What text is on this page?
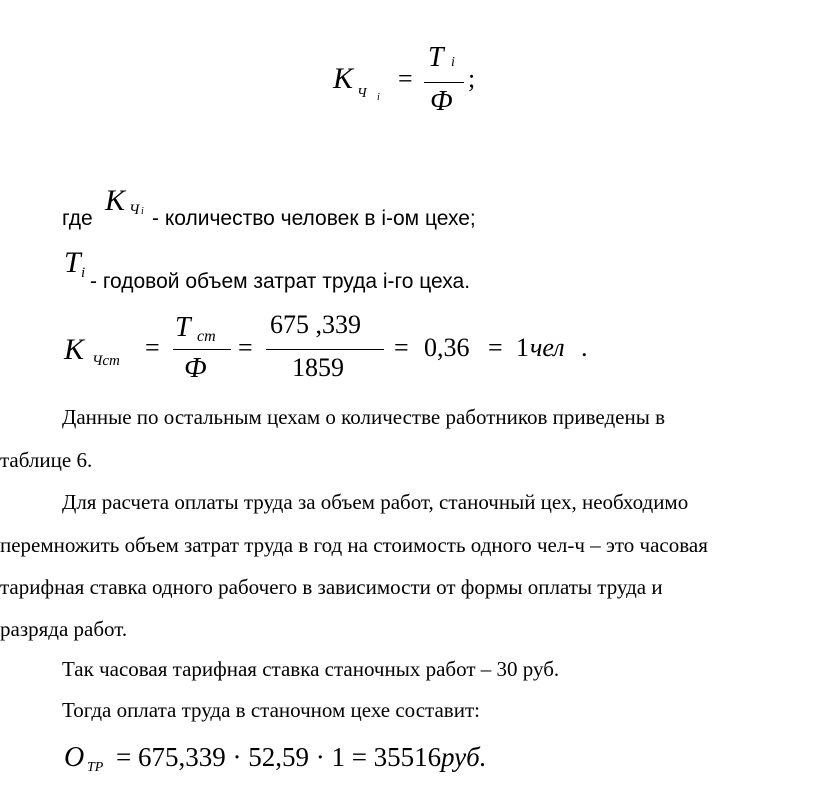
K Ч i
=
T i
Ф
;
где
K Ч i - количество человек в i-ом цехе;
T i - годовой объем затрат труда i-го цеха.
K Чст =
T ст
Ф
=
675 ,339
1859
= 0,36 = 1 чел .
Данные по остальным цехам о количестве работников приведены в
таблице 6.
Для расчета оплаты труда за объем работ, станочный цех, необходимо
перемножить объем затрат труда в год на стоимость одного чел-ч – это часовая
тарифная ставка одного рабочего в зависимости от формы оплаты труда и
разряда работ.
Так часовая тарифная ставка станочных работ – 30 руб.
Тогда оплата труда в станочном цехе составит:
O ТР = 675,339 · 52,59 · 1 = 35516 руб.
